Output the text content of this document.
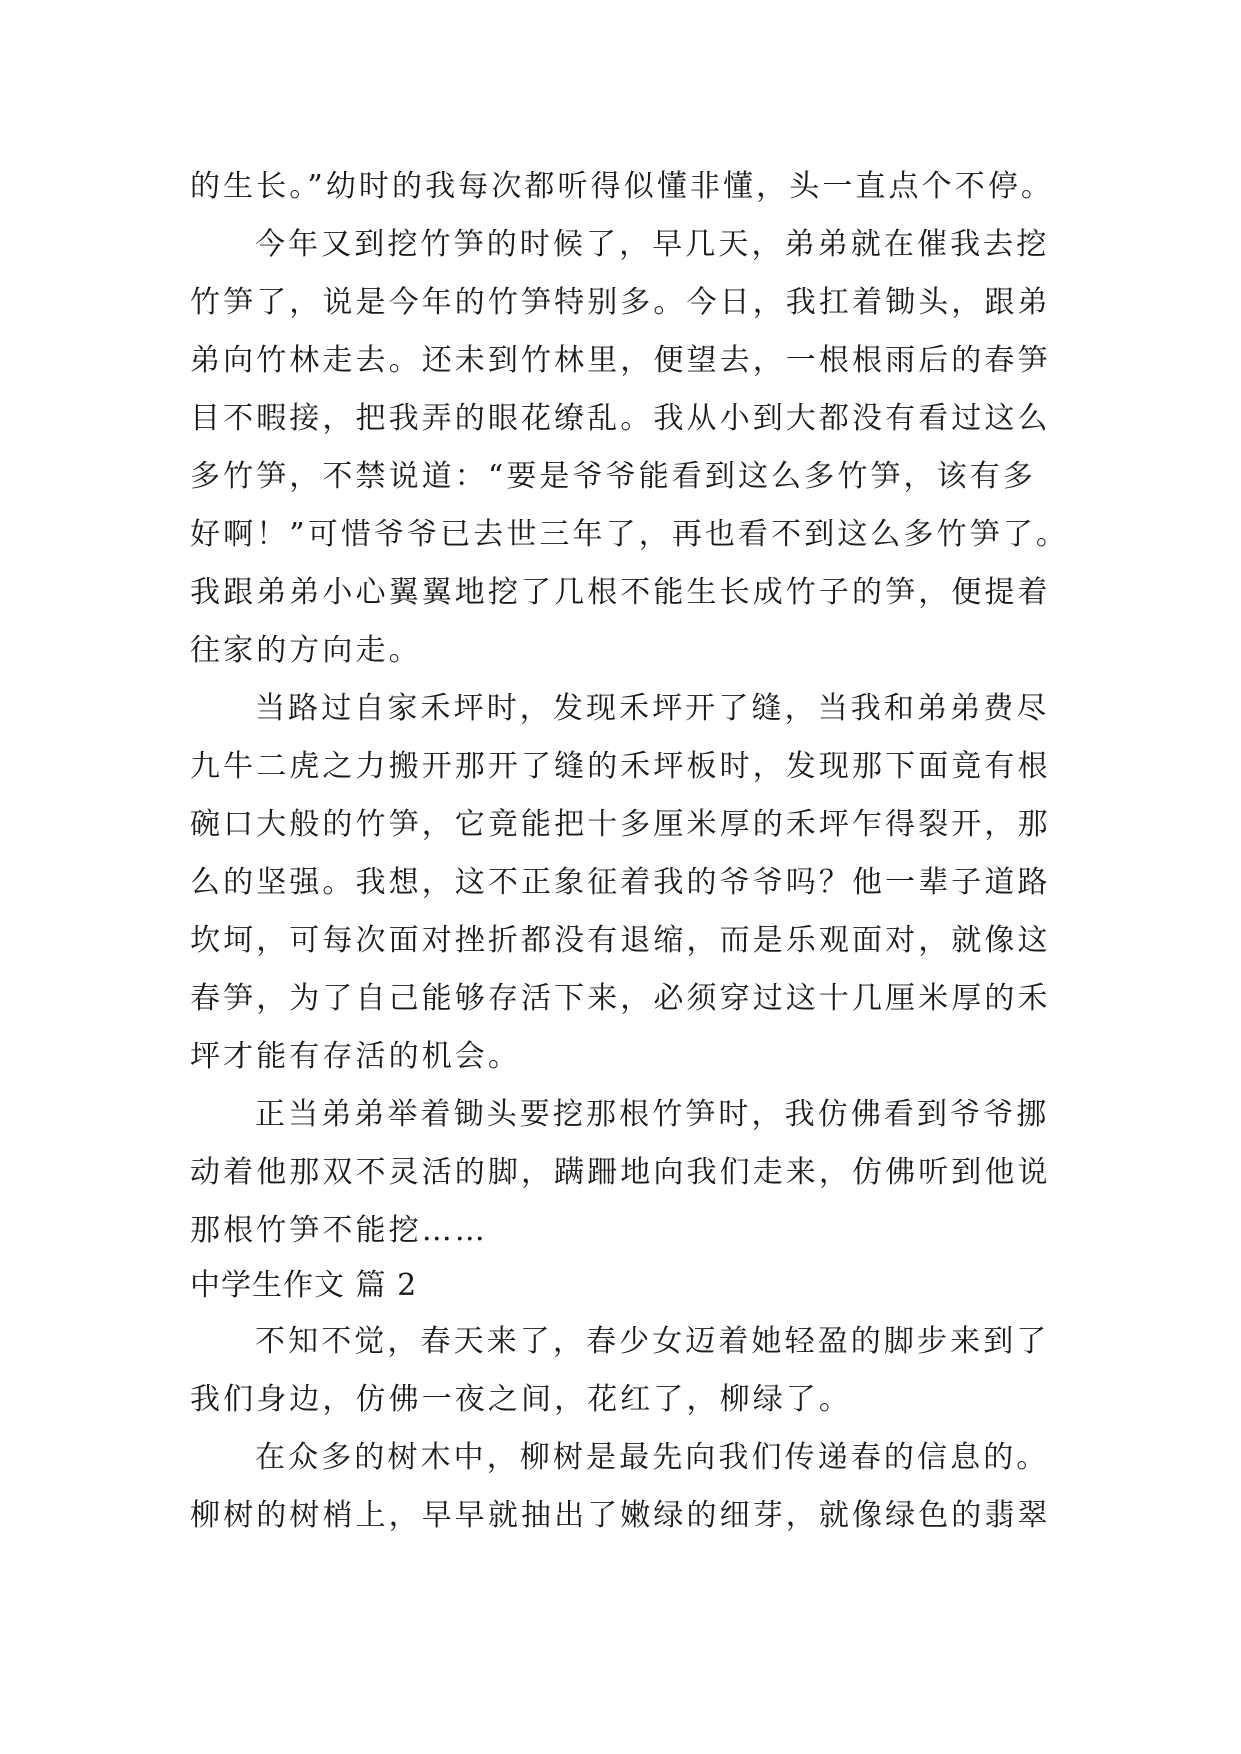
的生长。”幼时的我每次都听得似懂非懂，头一直点个不停。
今年又到挖竹笋的时候了，早几天，弟弟就在催我去挖
竹笋了，说是今年的竹笋特别多。今日，我扛着锄头，跟弟
弟向竹林走去。还未到竹林里，便望去，一根根雨后的春笋
目不暇接，把我弄的眼花缭乱。我从小到大都没有看过这么
多竹笋，不禁说道：“要是爷爷能看到这么多竹笋，该有多
好啊！”可惜爷爷已去世三年了，再也看不到这么多竹笋了。
我跟弟弟小心翼翼地挖了几根不能生长成竹子的笋，便提着
往家的方向走。
当路过自家禾坪时，发现禾坪开了缝，当我和弟弟费尽
九牛二虎之力搬开那开了缝的禾坪板时，发现那下面竟有根
碗口大般的竹笋，它竟能把十多厘米厚的禾坪乍得裂开，那
么的坚强。我想，这不正象征着我的爷爷吗？他一辈子道路
坎坷，可每次面对挫折都没有退缩，而是乐观面对，就像这
春笋，为了自己能够存活下来，必须穿过这十几厘米厚的禾
坪才能有存活的机会。
正当弟弟举着锄头要挖那根竹笋时，我仿佛看到爷爷挪
动着他那双不灵活的脚，蹒跚地向我们走来，仿佛听到他说
那根竹笋不能挖……
中学生作文 篇 2
不知不觉，春天来了，春少女迈着她轻盈的脚步来到了
我们身边，仿佛一夜之间，花红了，柳绿了。
在众多的树木中，柳树是最先向我们传递春的信息的。
柳树的树梢上，早早就抽出了嫩绿的细芽，就像绿色的翡翠
